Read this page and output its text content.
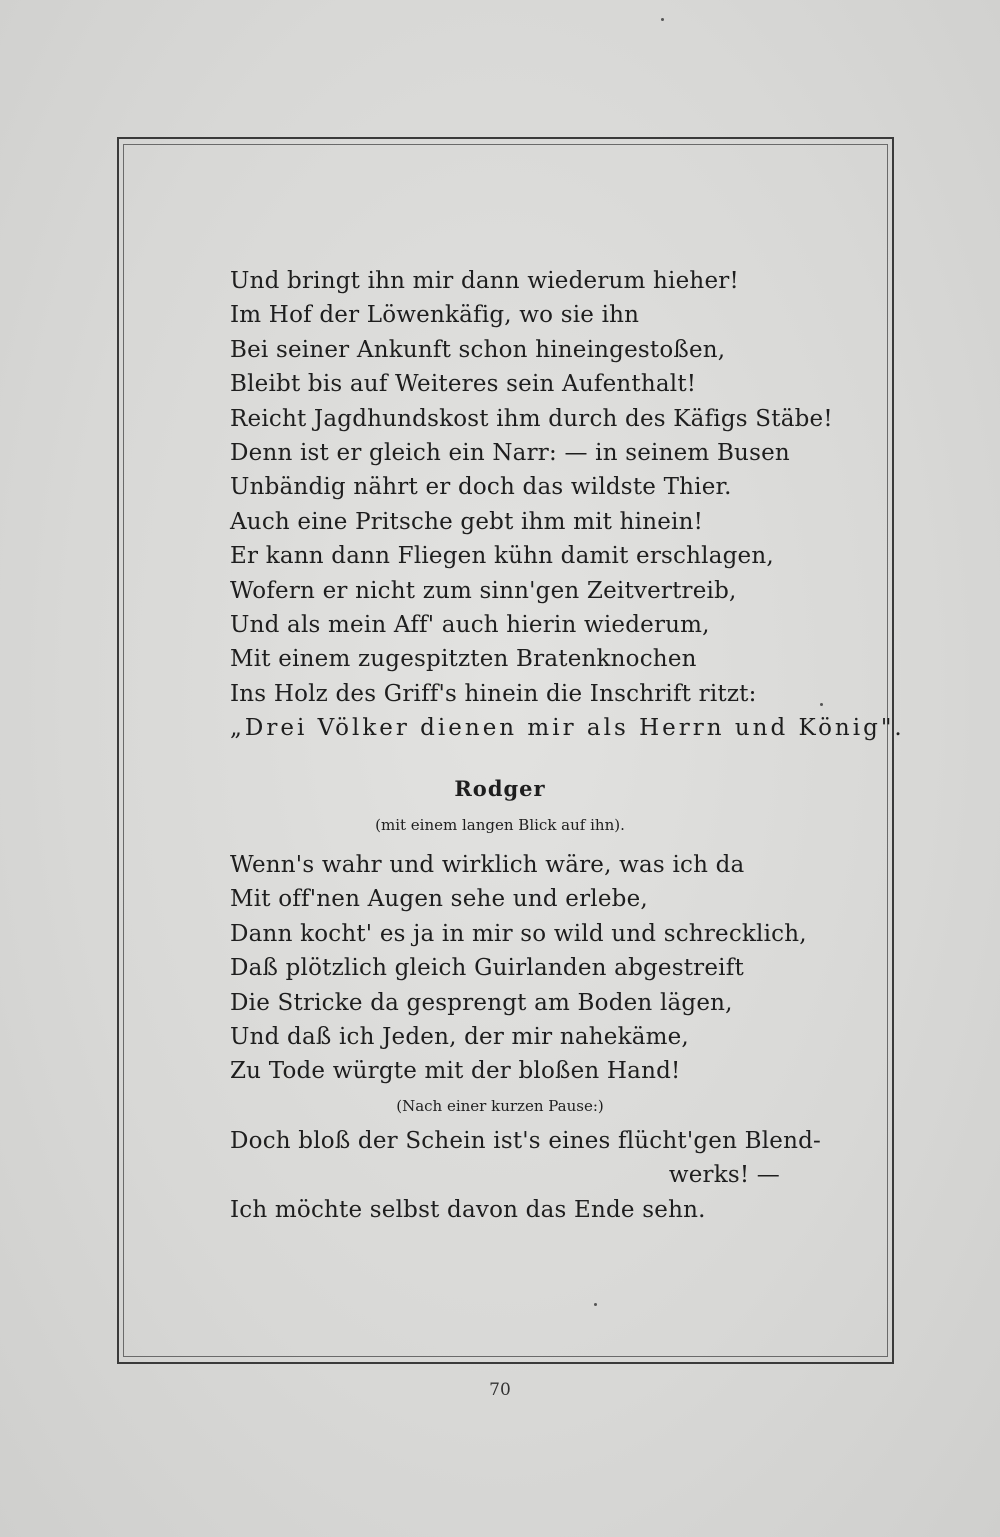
Und bringt ihn mir dann wiederum hieher!
Im Hof der Löwenkäfig, wo sie ihn
Bei seiner Ankunft schon hineingestoßen,
Bleibt bis auf Weiteres sein Aufenthalt!
Reicht Jagdhundskost ihm durch des Käfigs Stäbe!
Denn ist er gleich ein Narr: — in seinem Busen
Unbändig nährt er doch das wildste Thier.
Auch eine Pritsche gebt ihm mit hinein!
Er kann dann Fliegen kühn damit erschlagen,
Wofern er nicht zum sinn'gen Zeitvertreib,
Und als mein Aff' auch hierin wiederum,
Mit einem zugespitzten Bratenknochen
Ins Holz des Griff's hinein die Inschrift ritzt:
„Drei Völker dienen mir als Herrn und König".
Rodger
(mit einem langen Blick auf ihn).
Wenn's wahr und wirklich wäre, was ich da
Mit off'nen Augen sehe und erlebe,
Dann kocht' es ja in mir so wild und schrecklich,
Daß plötzlich gleich Guirlanden abgestreift
Die Stricke da gesprengt am Boden lägen,
Und daß ich Jeden, der mir nahekäme,
Zu Tode würgte mit der bloßen Hand!
(Nach einer kurzen Pause:)
Doch bloß der Schein ist's eines flücht'gen Blend-
werks! —
Ich möchte selbst davon das Ende sehn.
70
